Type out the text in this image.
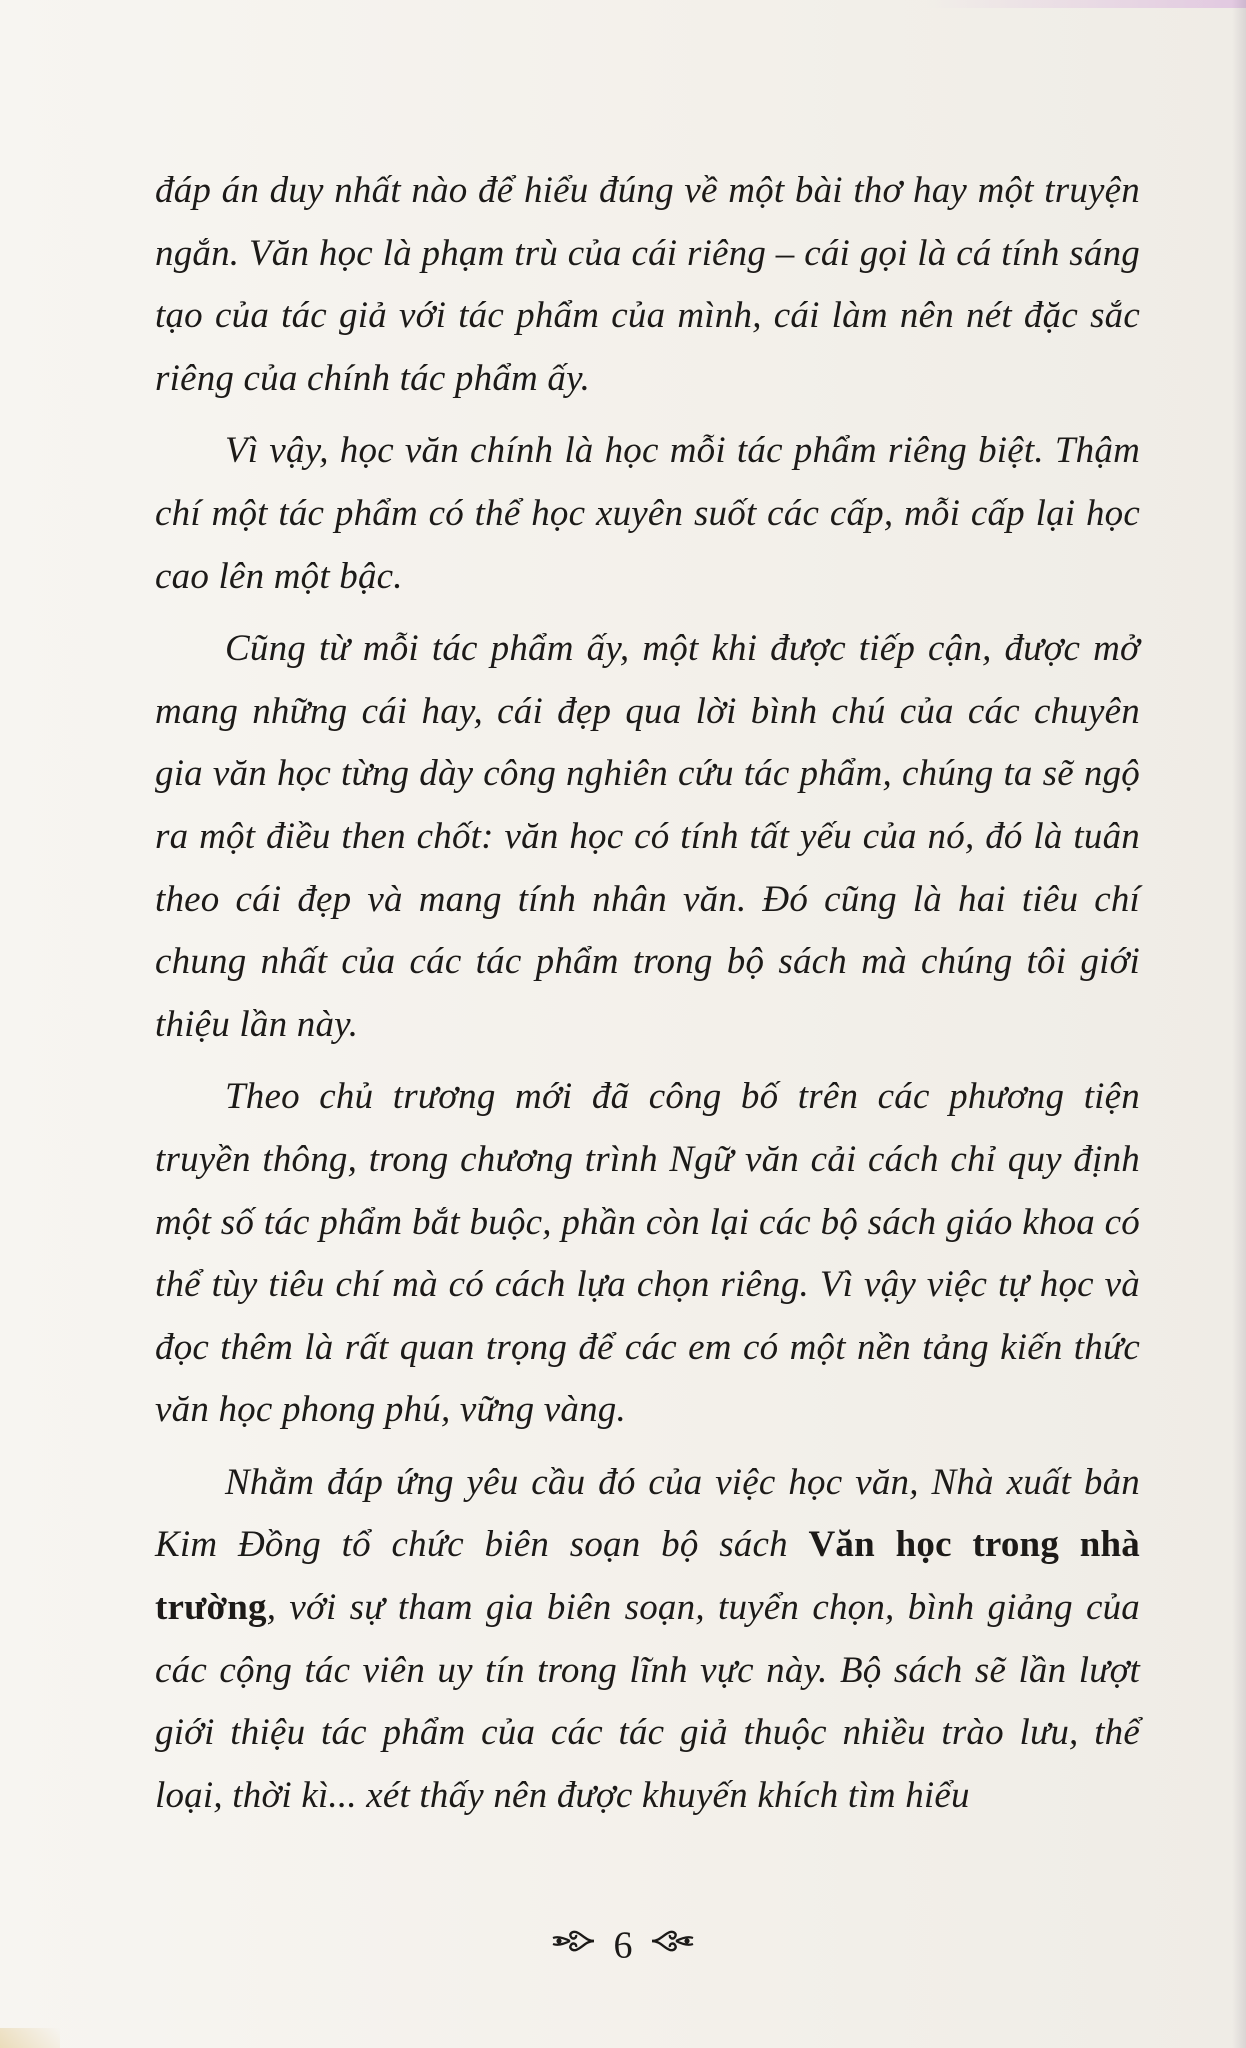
đáp án duy nhất nào để hiểu đúng về một bài thơ hay một truyện ngắn. Văn học là phạm trù của cái riêng – cái gọi là cá tính sáng tạo của tác giả với tác phẩm của mình, cái làm nên nét đặc sắc riêng của chính tác phẩm ấy.

Vì vậy, học văn chính là học mỗi tác phẩm riêng biệt. Thậm chí một tác phẩm có thể học xuyên suốt các cấp, mỗi cấp lại học cao lên một bậc.

Cũng từ mỗi tác phẩm ấy, một khi được tiếp cận, được mở mang những cái hay, cái đẹp qua lời bình chú của các chuyên gia văn học từng dày công nghiên cứu tác phẩm, chúng ta sẽ ngộ ra một điều then chốt: văn học có tính tất yếu của nó, đó là tuân theo cái đẹp và mang tính nhân văn. Đó cũng là hai tiêu chí chung nhất của các tác phẩm trong bộ sách mà chúng tôi giới thiệu lần này.

Theo chủ trương mới đã công bố trên các phương tiện truyền thông, trong chương trình Ngữ văn cải cách chỉ quy định một số tác phẩm bắt buộc, phần còn lại các bộ sách giáo khoa có thể tùy tiêu chí mà có cách lựa chọn riêng. Vì vậy việc tự học và đọc thêm là rất quan trọng để các em có một nền tảng kiến thức văn học phong phú, vững vàng.

Nhằm đáp ứng yêu cầu đó của việc học văn, Nhà xuất bản Kim Đồng tổ chức biên soạn bộ sách Văn học trong nhà trường, với sự tham gia biên soạn, tuyển chọn, bình giảng của các cộng tác viên uy tín trong lĩnh vực này. Bộ sách sẽ lần lượt giới thiệu tác phẩm của các tác giả thuộc nhiều trào lưu, thể loại, thời kì... xét thấy nên được khuyến khích tìm hiểu

6
